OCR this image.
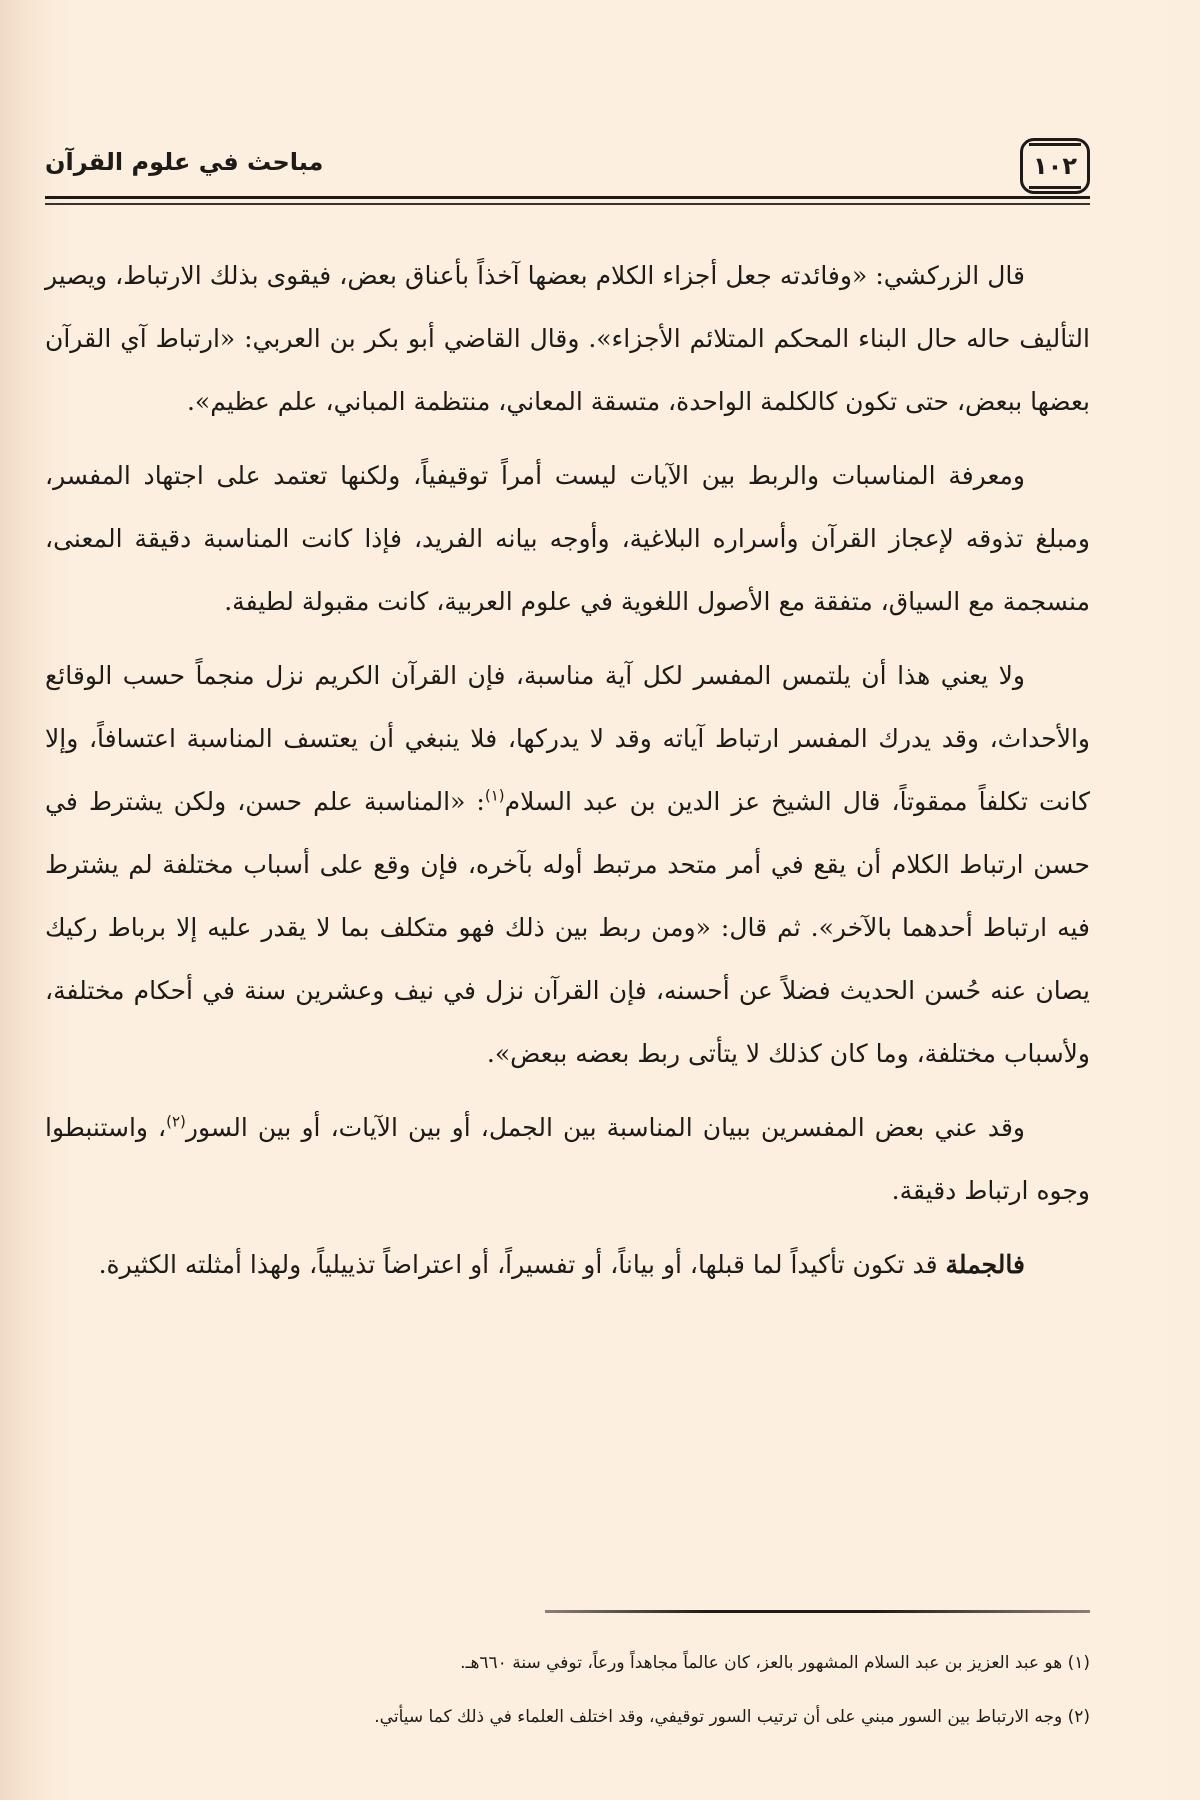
١٠٢
مباحث في علوم القرآن

قال الزركشي: «وفائدته جعل أجزاء الكلام بعضها آخذاً بأعناق بعض، فيقوى بذلك الارتباط، ويصير التأليف حاله حال البناء المحكم المتلائم الأجزاء». وقال القاضي أبو بكر بن العربي: «ارتباط آي القرآن بعضها ببعض، حتى تكون كالكلمة الواحدة، متسقة المعاني، منتظمة المباني، علم عظيم».

ومعرفة المناسبات والربط بين الآيات ليست أمراً توقيفياً، ولكنها تعتمد على اجتهاد المفسر، ومبلغ تذوقه لإعجاز القرآن وأسراره البلاغية، وأوجه بيانه الفريد، فإذا كانت المناسبة دقيقة المعنى، منسجمة مع السياق، متفقة مع الأصول اللغوية في علوم العربية، كانت مقبولة لطيفة.

ولا يعني هذا أن يلتمس المفسر لكل آية مناسبة، فإن القرآن الكريم نزل منجماً حسب الوقائع والأحداث، وقد يدرك المفسر ارتباط آياته وقد لا يدركها، فلا ينبغي أن يعتسف المناسبة اعتسافاً، وإلا كانت تكلفاً ممقوتاً، قال الشيخ عز الدين بن عبد السلام$^{(١)}$: «المناسبة علم حسن، ولكن يشترط في حسن ارتباط الكلام أن يقع في أمر متحد مرتبط أوله بآخره، فإن وقع على أسباب مختلفة لم يشترط فيه ارتباط أحدهما بالآخر». ثم قال: «ومن ربط بين ذلك فهو متكلف بما لا يقدر عليه إلا برباط ركيك يصان عنه حُسن الحديث فضلاً عن أحسنه، فإن القرآن نزل في نيف وعشرين سنة في أحكام مختلفة، ولأسباب مختلفة، وما كان كذلك لا يتأتى ربط بعضه ببعض».

وقد عني بعض المفسرين ببيان المناسبة بين الجمل، أو بين الآيات، أو بين السور$^{(٢)}$، واستنبطوا وجوه ارتباط دقيقة.

فالجملة قد تكون تأكيداً لما قبلها، أو بياناً، أو تفسيراً، أو اعتراضاً تذييلياً، ولهذا أمثلته الكثيرة.

(١) هو عبد العزيز بن عبد السلام المشهور بالعز، كان عالماً مجاهداً ورعاً، توفي سنة ٦٦٠هـ.

(٢) وجه الارتباط بين السور مبني على أن ترتيب السور توقيفي، وقد اختلف العلماء في ذلك كما سيأتي.
